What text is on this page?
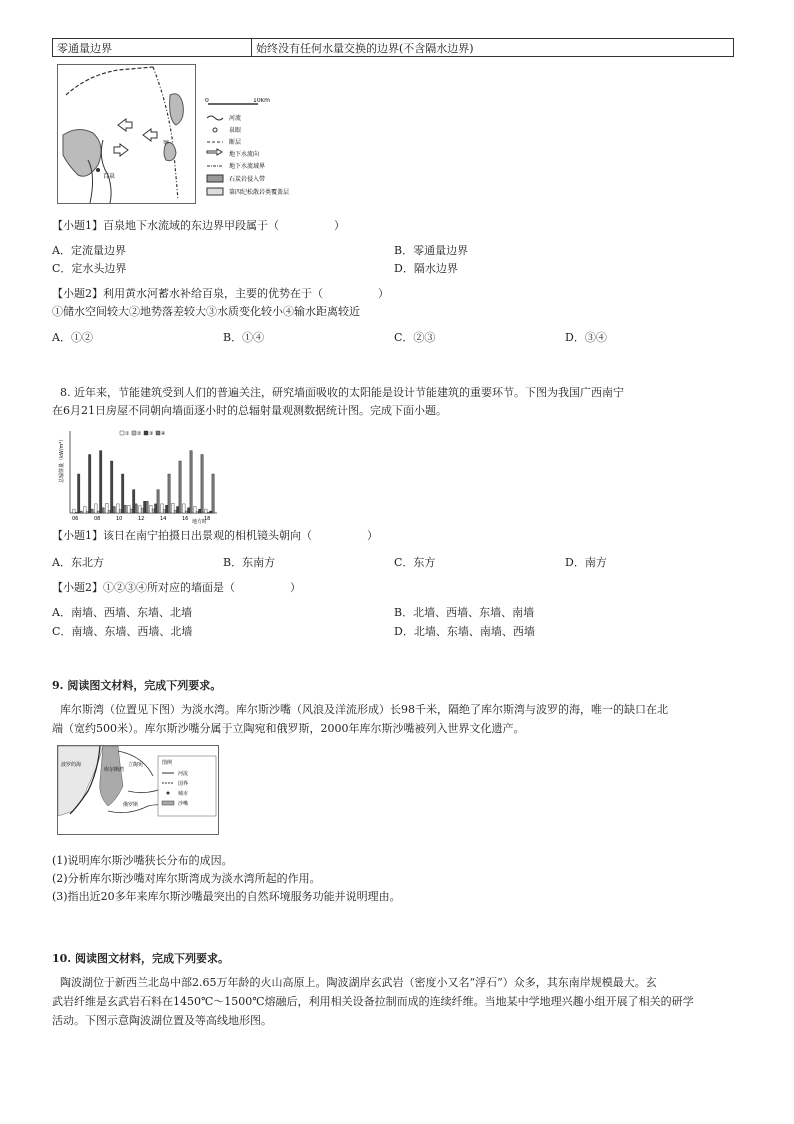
零通量边界	始终没有任何水量交换的边界(不含隔水边界)
甲
百泉
0	10km
河流
泉眼
断层
地下水流向
地下水流域界
石炭岩侵入带
第四纪松散岩类覆盖层
【小题1】百泉地下水流域的东边界甲段属于（　　　　　）
A．定流量边界	B．零通量边界
C．定水头边界	D．隔水边界
【小题2】利用黄水河蓄水补给百泉，主要的优势在于（　　　　　）
①储水空间较大②地势落差较大③水质变化较小④输水距离较近
A．①②	B．①④	C．②③	D．③④
8. 近年来，节能建筑受到人们的普遍关注，研究墙面吸收的太阳能是设计节能建筑的重要环节。下图为我国广西南宁
在6月21日房屋不同朝向墙面逐小时的总辐射量观测数据统计图。完成下面小题。
总辐射量（kW/m²）
① ② ③ ④
06	08	10	12	14	16	18
地方时
【小题1】该日在南宁拍摄日出景观的相机镜头朝向（　　　　　）
A．东北方	B．东南方	C．东方	D．南方
【小题2】①②③④所对应的墙面是（　　　　　）
A．南墙、西墙、东墙、北墙	B．北墙、西墙、东墙、南墙
C．南墙、东墙、西墙、北墙	D．北墙、东墙、南墙、西墙
9. 阅读图文材料，完成下列要求。
库尔斯湾（位置见下图）为淡水湾。库尔斯沙嘴（风浪及洋流形成）长98千米，隔绝了库尔斯湾与波罗的海，唯一的缺口在北
端（宽约500米）。库尔斯沙嘴分属于立陶宛和俄罗斯，2000年库尔斯沙嘴被列入世界文化遗产。
波罗的海
库尔斯湾
立陶宛
俄罗斯
图例
河流
国界
城市
沙嘴
(1)说明库尔斯沙嘴狭长分布的成因。
(2)分析库尔斯沙嘴对库尔斯湾成为淡水湾所起的作用。
(3)指出近20多年来库尔斯沙嘴最突出的自然环境服务功能并说明理由。
10. 阅读图文材料，完成下列要求。
陶波湖位于新西兰北岛中部2.65万年龄的火山高原上。陶波湖岸玄武岩（密度小又名“浮石”）众多，其东南岸规模最大。玄
武岩纤维是玄武岩石料在1450℃～1500℃熔融后，利用相关设备拉制而成的连续纤维。当地某中学地理兴趣小组开展了相关的研学
活动。下图示意陶波湖位置及等高线地形图。
